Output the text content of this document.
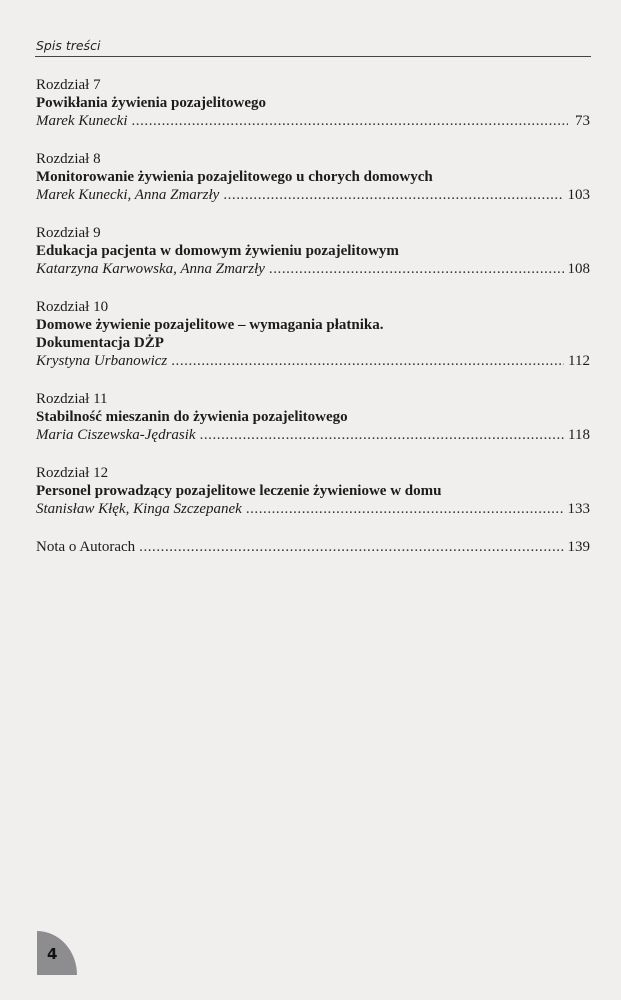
Spis treści
Rozdział 7
Powikłania żywienia pozajelitowego
Marek Kunecki . . .	73
Rozdział 8
Monitorowanie żywienia pozajelitowego u chorych domowych
Marek Kunecki, Anna Zmarzły . . .	103
Rozdział 9
Edukacja pacjenta w domowym żywieniu pozajelitowym
Katarzyna Karwowska, Anna Zmarzły . . .	108
Rozdział 10
Domowe żywienie pozajelitowe – wymagania płatnika.
Dokumentacja DŻP
Krystyna Urbanowicz . . .	112
Rozdział 11
Stabilność mieszanin do żywienia pozajelitowego
Maria Ciszewska-Jędrasik . . .	118
Rozdział 12
Personel prowadzący pozajelitowe leczenie żywieniowe w domu
Stanisław Kłęk, Kinga Szczepanek . . .	133
Nota o Autorach . . .	139
4
